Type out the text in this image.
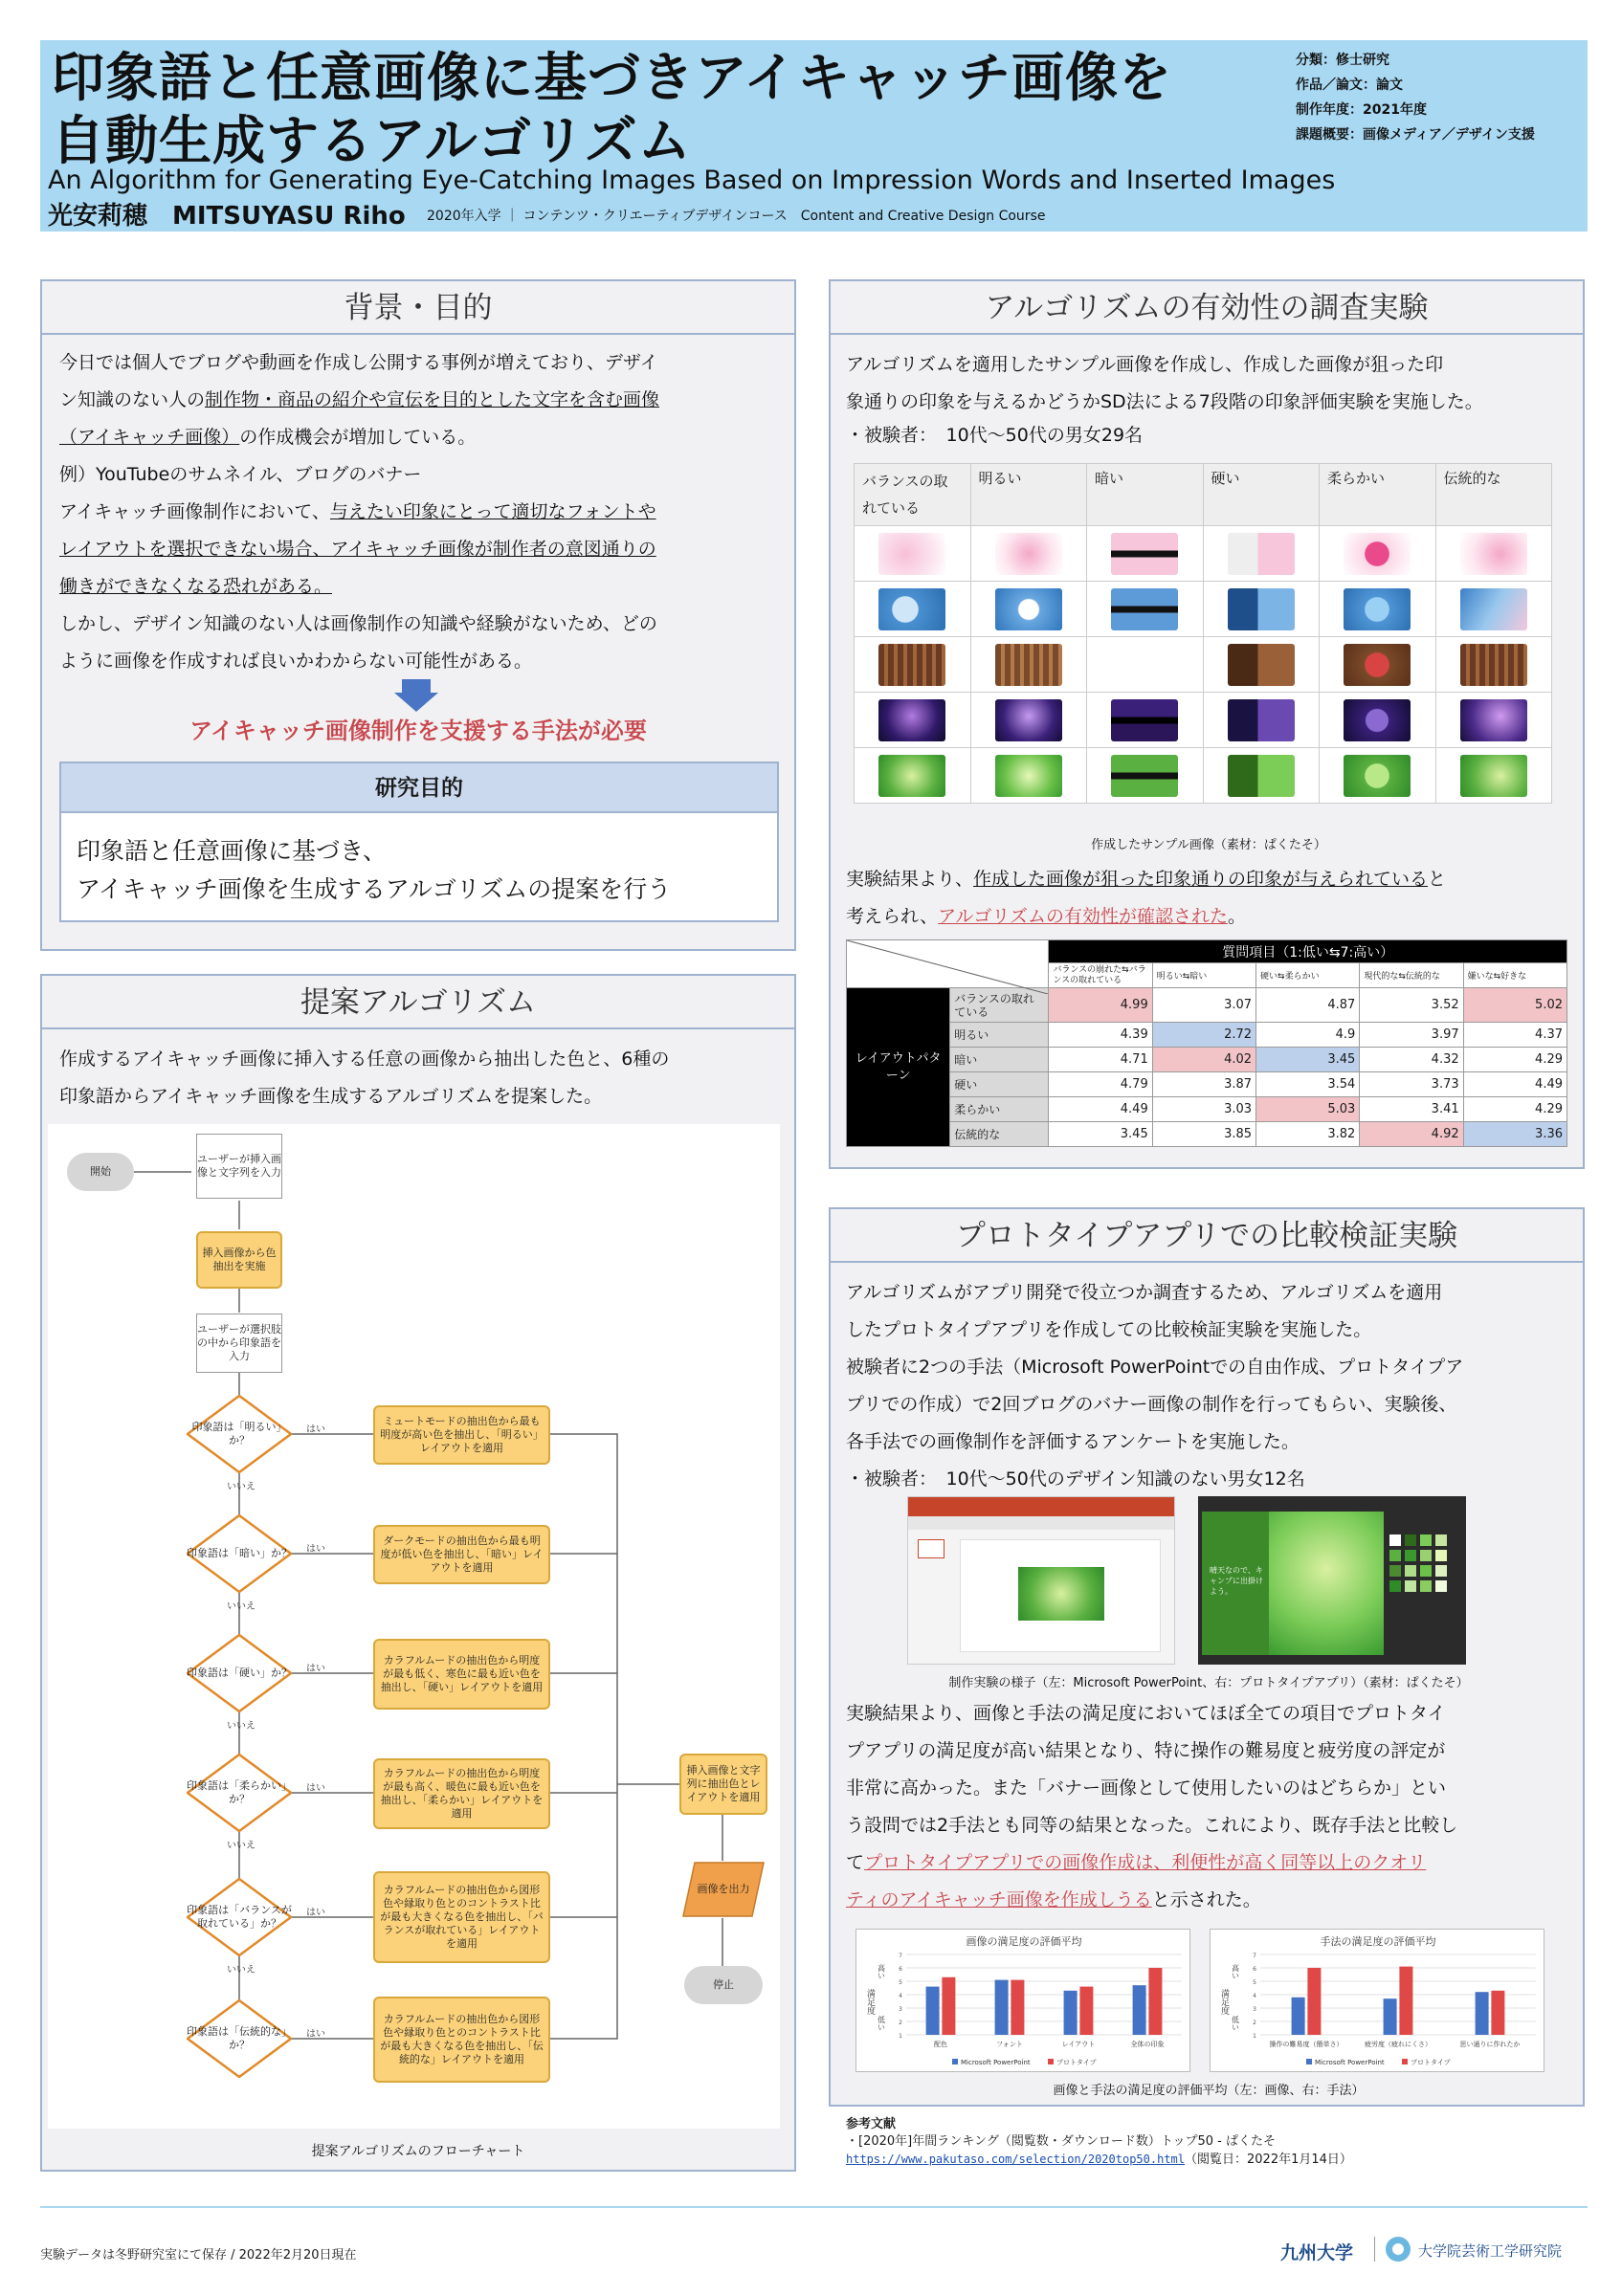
印象語と任意画像に基づきアイキャッチ画像を
自動生成するアルゴリズム
An Algorithm for Generating Eye-Catching Images Based on Impression Words and Inserted Images
光安莉穂　MITSUYASU Riho 2020年入学 ｜ コンテンツ・クリエーティブデザインコース　Content and Creative Design Course
分類：修士研究
作品／論文：論文
制作年度：2021年度
課題概要：画像メディア／デザイン支援
背景・目的
今日では個人でブログや動画を作成し公開する事例が増えており、デザイ
ン知識のない人の制作物・商品の紹介や宣伝を目的とした文字を含む画像
（アイキャッチ画像）の作成機会が増加している。
例）YouTubeのサムネイル、ブログのバナー
アイキャッチ画像制作において、与えたい印象にとって適切なフォントや
レイアウトを選択できない場合、アイキャッチ画像が制作者の意図通りの
働きができなくなる恐れがある。
しかし、デザイン知識のない人は画像制作の知識や経験がないため、どの
ように画像を作成すれば良いかわからない可能性がある。
アイキャッチ画像制作を支援する手法が必要
研究目的
印象語と任意画像に基づき、
アイキャッチ画像を生成するアルゴリズムの提案を行う
提案アルゴリズム
作成するアイキャッチ画像に挿入する任意の画像から抽出した色と、6種の
印象語からアイキャッチ画像を生成するアルゴリズムを提案した。
開始
ユーザーが挿入画像と文字列を入力
挿入画像から色抽出を実施
ユーザーが選択肢の中から印象語を入力
印象語は「明るい」か？
印象語は「暗い」か？
印象語は「硬い」か？
印象語は「柔らかい」か？
印象語は「バランスが取れている」か？
印象語は「伝統的な」か？
はい
はい
はい
はい
はい
はい
いいえ
いいえ
いいえ
いいえ
いいえ
ミュートモードの抽出色から最も明度が高い色を抽出し、「明るい」レイアウトを適用
ダークモードの抽出色から最も明度が低い色を抽出し、「暗い」レイアウトを適用
カラフルムードの抽出色から明度が最も低く、寒色に最も近い色を抽出し、「硬い」レイアウトを適用
カラフルムードの抽出色から明度が最も高く、暖色に最も近い色を抽出し、「柔らかい」レイアウトを適用
カラフルムードの抽出色から図形色や縁取り色とのコントラスト比が最も大きくなる色を抽出し、「バランスが取れている」レイアウトを適用
カラフルムードの抽出色から図形色や縁取り色とのコントラスト比が最も大きくなる色を抽出し、「伝統的な」レイアウトを適用
挿入画像と文字列に抽出色とレイアウトを適用
画像を出力
停止
提案アルゴリズムのフローチャート
アルゴリズムの有効性の調査実験
アルゴリズムを適用したサンプル画像を作成し、作成した画像が狙った印
象通りの印象を与えるかどうかSD法による7段階の印象評価実験を実施した。
・被験者：　10代〜50代の男女29名
バランスの取れている	明るい	暗い	硬い	柔らかい	伝統的な

作成したサンプル画像（素材：ぱくたそ）
実験結果より、作成した画像が狙った印象通りの印象が与えられていると
考えられ、アルゴリズムの有効性が確認された。
	質問項目（1:低い⇆7:高い）				
		バランスの崩れた⇆バランスの取れている	明るい⇆暗い	硬い⇆柔らかい	現代的な⇆伝統的な	嫌いな⇆好きな
レイアウトパターン	バランスの取れている	4.99	3.07	4.87	3.52	5.02
	明るい	4.39	2.72	4.9	3.97	4.37
	暗い	4.71	4.02	3.45	4.32	4.29
	硬い	4.79	3.87	3.54	3.73	4.49
	柔らかい	4.49	3.03	5.03	3.41	4.29
	伝統的な	3.45	3.85	3.82	4.92	3.36
プロトタイプアプリでの比較検証実験
アルゴリズムがアプリ開発で役立つか調査するため、アルゴリズムを適用
したプロトタイプアプリを作成しての比較検証実験を実施した。
被験者に2つの手法（Microsoft PowerPointでの自由作成、プロトタイプア
プリでの作成）で2回ブログのバナー画像の制作を行ってもらい、実験後、
各手法での画像制作を評価するアンケートを実施した。
・被験者：　10代〜50代のデザイン知識のない男女12名
晴天なので、キャンプに出掛けよう。
制作実験の様子（左：Microsoft PowerPoint、右：プロトタイプアプリ）（素材：ぱくたそ）
実験結果より、画像と手法の満足度においてほぼ全ての項目でプロトタイ
プアプリの満足度が高い結果となり、特に操作の難易度と疲労度の評定が
非常に高かった。また「バナー画像として使用したいのはどちらか」とい
う設問では2手法とも同等の結果となった。これにより、既存手法と比較し
てプロトタイプアプリでの画像作成は、利便性が高く同等以上のクオリ
ティのアイキャッチ画像を作成しうると示された。
画像の満足度の評価平均
満足度
高い
低い
1
2
3
4
5
6
7
配色	フォント	レイアウト	全体の印象
Microsoft PowerPoint	プロトタイプ
手法の満足度の評価平均
満足度
高い
低い
1
2
3
4
5
6
7
操作の難易度（簡単さ）	疲労度（疲れにくさ）	思い通りに作れたか
Microsoft PowerPoint	プロトタイプ
画像と手法の満足度の評価平均（左：画像、右：手法）
参考文献
・[2020年]年間ランキング（閲覧数・ダウンロード数）トップ50 - ぱくたそ
https://www.pakutaso.com/selection/2020top50.html（閲覧日：2022年1月14日）
実験データは冬野研究室にて保存 / 2022年2月20日現在	九州大学	大学院芸術工学研究院
